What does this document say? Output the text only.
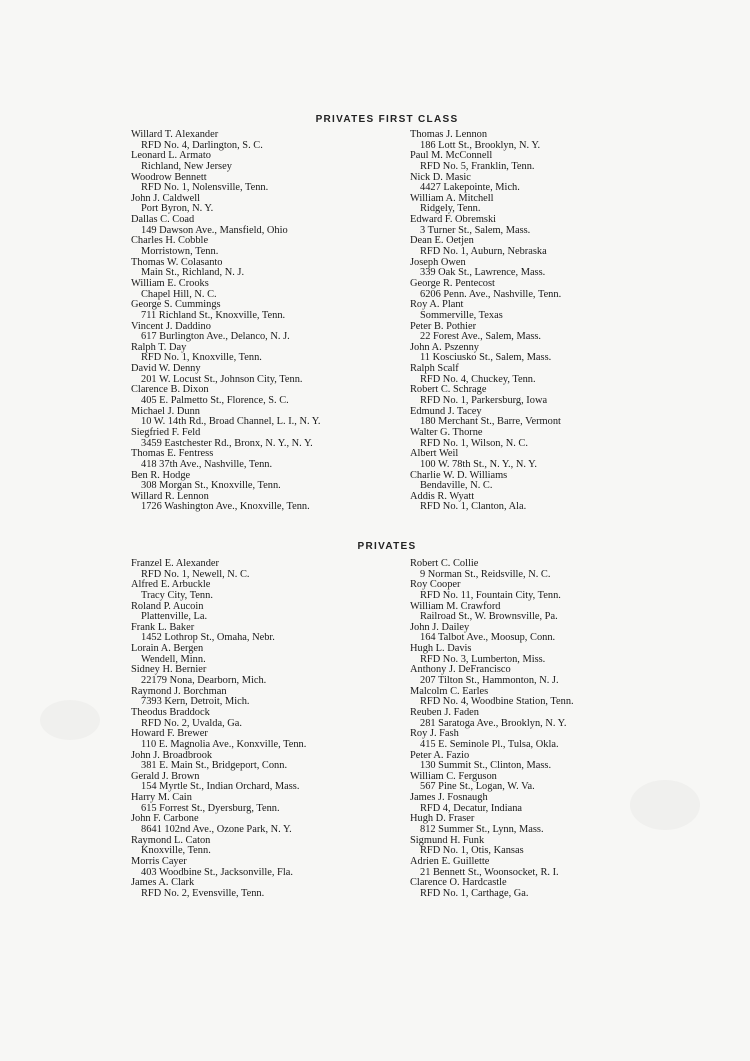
PRIVATES FIRST CLASS
Willard T. Alexander
RFD No. 4, Darlington, S. C.
Leonard L. Armato
Richland, New Jersey
Woodrow Bennett
RFD No. 1, Nolensville, Tenn.
John J. Caldwell
Port Byron, N. Y.
Dallas C. Coad
149 Dawson Ave., Mansfield, Ohio
Charles H. Cobble
Morristown, Tenn.
Thomas W. Colasanto
Main St., Richland, N. J.
William E. Crooks
Chapel Hill, N. C.
George S. Cummings
711 Richland St., Knoxville, Tenn.
Vincent J. Daddino
617 Burlington Ave., Delanco, N. J.
Ralph T. Day
RFD No. 1, Knoxville, Tenn.
David W. Denny
201 W. Locust St., Johnson City, Tenn.
Clarence B. Dixon
405 E. Palmetto St., Florence, S. C.
Michael J. Dunn
10 W. 14th Rd., Broad Channel, L. I., N. Y.
Siegfried F. Feld
3459 Eastchester Rd., Bronx, N. Y., N. Y.
Thomas E. Fentress
418 37th Ave., Nashville, Tenn.
Ben R. Hodge
308 Morgan St., Knoxville, Tenn.
Willard R. Lennon
1726 Washington Ave., Knoxville, Tenn.
Thomas J. Lennon
186 Lott St., Brooklyn, N. Y.
Paul M. McConnell
RFD No. 5, Franklin, Tenn.
Nick D. Masic
4427 Lakepointe, Mich.
William A. Mitchell
Ridgely, Tenn.
Edward F. Obremski
3 Turner St., Salem, Mass.
Dean E. Oetjen
RFD No. 1, Auburn, Nebraska
Joseph Owen
339 Oak St., Lawrence, Mass.
George R. Pentecost
6206 Penn. Ave., Nashville, Tenn.
Roy A. Plant
Sommerville, Texas
Peter B. Pothier
22 Forest Ave., Salem, Mass.
John A. Pszenny
11 Kosciusko St., Salem, Mass.
Ralph Scalf
RFD No. 4, Chuckey, Tenn.
Robert C. Schrage
RFD No. 1, Parkersburg, Iowa
Edmund J. Tacey
180 Merchant St., Barre, Vermont
Walter G. Thorne
RFD No. 1, Wilson, N. C.
Albert Weil
100 W. 78th St., N. Y., N. Y.
Charlie W. D. Williams
Bendaville, N. C.
Addis R. Wyatt
RFD No. 1, Clanton, Ala.
PRIVATES
Franzel E. Alexander
RFD No. 1, Newell, N. C.
Alfred E. Arbuckle
Tracy City, Tenn.
Roland P. Aucoin
Plattenville, La.
Frank L. Baker
1452 Lothrop St., Omaha, Nebr.
Lorain A. Bergen
Wendell, Minn.
Sidney H. Bernier
22179 Nona, Dearborn, Mich.
Raymond J. Borchman
7393 Kern, Detroit, Mich.
Theodus Braddock
RFD No. 2, Uvalda, Ga.
Howard F. Brewer
110 E. Magnolia Ave., Konxville, Tenn.
John J. Broadbrook
381 E. Main St., Bridgeport, Conn.
Gerald J. Brown
154 Myrtle St., Indian Orchard, Mass.
Harry M. Cain
615 Forrest St., Dyersburg, Tenn.
John F. Carbone
8641 102nd Ave., Ozone Park, N. Y.
Raymond L. Caton
Knoxville, Tenn.
Morris Cayer
403 Woodbine St., Jacksonville, Fla.
James A. Clark
RFD No. 2, Evensville, Tenn.
Robert C. Collie
9 Norman St., Reidsville, N. C.
Roy Cooper
RFD No. 11, Fountain City, Tenn.
William M. Crawford
Railroad St., W. Brownsville, Pa.
John J. Dailey
164 Talbot Ave., Moosup, Conn.
Hugh L. Davis
RFD No. 3, Lumberton, Miss.
Anthony J. DeFrancisco
207 Tilton St., Hammonton, N. J.
Malcolm C. Earles
RFD No. 4, Woodbine Station, Tenn.
Reuben J. Faden
281 Saratoga Ave., Brooklyn, N. Y.
Roy J. Fash
415 E. Seminole Pl., Tulsa, Okla.
Peter A. Fazio
130 Summit St., Clinton, Mass.
William C. Ferguson
567 Pine St., Logan, W. Va.
James J. Fosnaugh
RFD 4, Decatur, Indiana
Hugh D. Fraser
812 Summer St., Lynn, Mass.
Sigmund H. Funk
RFD No. 1, Otis, Kansas
Adrien E. Guillette
21 Bennett St., Woonsocket, R. I.
Clarence O. Hardcastle
RFD No. 1, Carthage, Ga.
